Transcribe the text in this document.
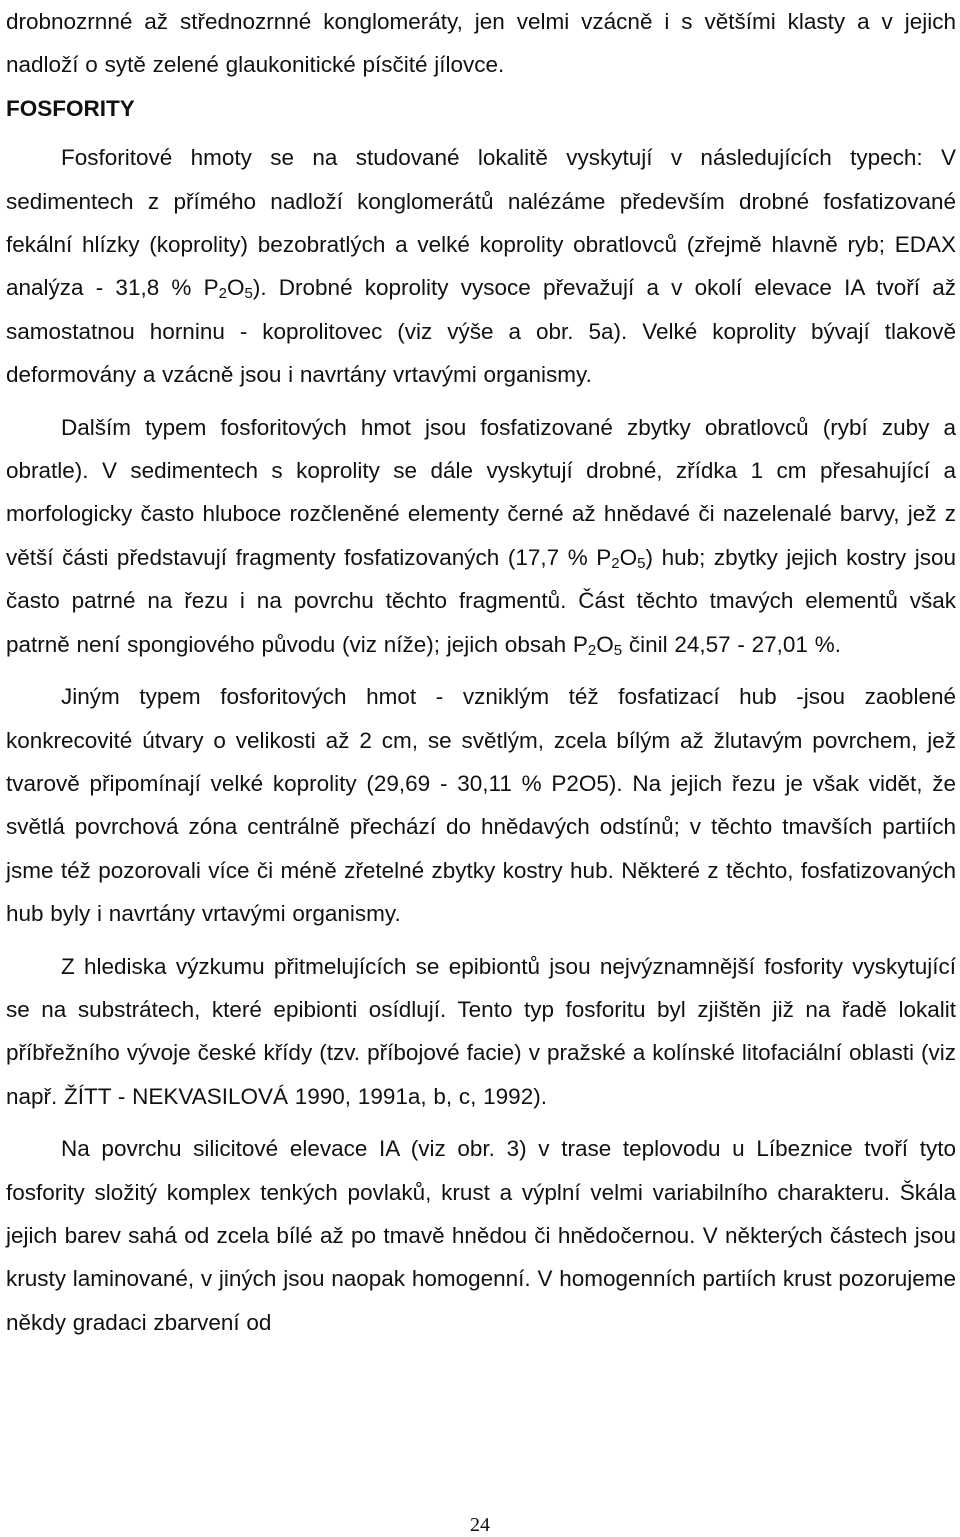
drobnozrnné až střednozrnné konglomeráty, jen velmi vzácně i s většími klasty a v jejich nadloží o sytě zelené glaukonitické písčité jílovce.

FOSFORITY

Fosforitové hmoty se na studované lokalitě vyskytují v následujících typech: V sedimentech z přímého nadloží konglomerátů nalézáme především drobné fosfatizované fekální hlízky (koprolity) bezobratlých a velké koprolity obratlovců (zřejmě hlavně ryb; EDAX analýza - 31,8 % $P_2O_5$). Drobné koprolity vysoce převažují a v okolí elevace IA tvoří až samostatnou horninu - koprolitovec (viz výše a obr. 5a). Velké koprolity bývají tlakově deformovány a vzácně jsou i navrtány vrtavými organismy.

Dalším typem fosforitových hmot jsou fosfatizované zbytky obratlovců (rybí zuby a obratle). V sedimentech s koprolity se dále vyskytují drobné, zřídka 1 cm přesahující a morfologicky často hluboce rozčleněné elementy černé až hnědavé či nazelenalé barvy, jež z větší části představují fragmenty fosfatizovaných (17,7 % $P_2O_5$) hub; zbytky jejich kostry jsou často patrné na řezu i na povrchu těchto fragmentů. Část těchto tmavých elementů však patrně není spongiového původu (viz níže); jejich obsah $P_2O_5$ činil 24,57 - 27,01 %.

Jiným typem fosforitových hmot - vzniklým též fosfatizací hub -jsou zaoblené konkrecovité útvary o velikosti až 2 cm, se světlým, zcela bílým až žlutavým povrchem, jež tvarově připomínají velké koprolity (29,69 - 30,11 % P2O5). Na jejich řezu je však vidět, že světlá povrchová zóna centrálně přechází do hnědavých odstínů; v těchto tmavších partiích jsme též pozorovali více či méně zřetelné zbytky kostry hub. Některé z těchto, fosfatizovaných hub byly i navrtány vrtavými organismy.

Z hlediska výzkumu přitmelujících se epibiontů jsou nejvýznamnější fosfority vyskytující se na substrátech, které epibionti osídlují. Tento typ fosforitu byl zjištěn již na řadě lokalit příbřežního vývoje české křídy (tzv. příbojové facie) v pražské a kolínské litofaciální oblasti (viz např. ŽÍTT - NEKVASILOVÁ 1990, 1991a, b, c, 1992).

Na povrchu silicitové elevace IA (viz obr. 3) v trase teplovodu u Líbeznice tvoří tyto fosfority složitý komplex tenkých povlaků, krust a výplní velmi variabilního charakteru. Škála jejich barev sahá od zcela bílé až po tmavě hnědou či hnědočernou. V některých částech jsou krusty laminované, v jiných jsou naopak homogenní. V homogenních partiích krust pozorujeme někdy gradaci zbarvení od

24
